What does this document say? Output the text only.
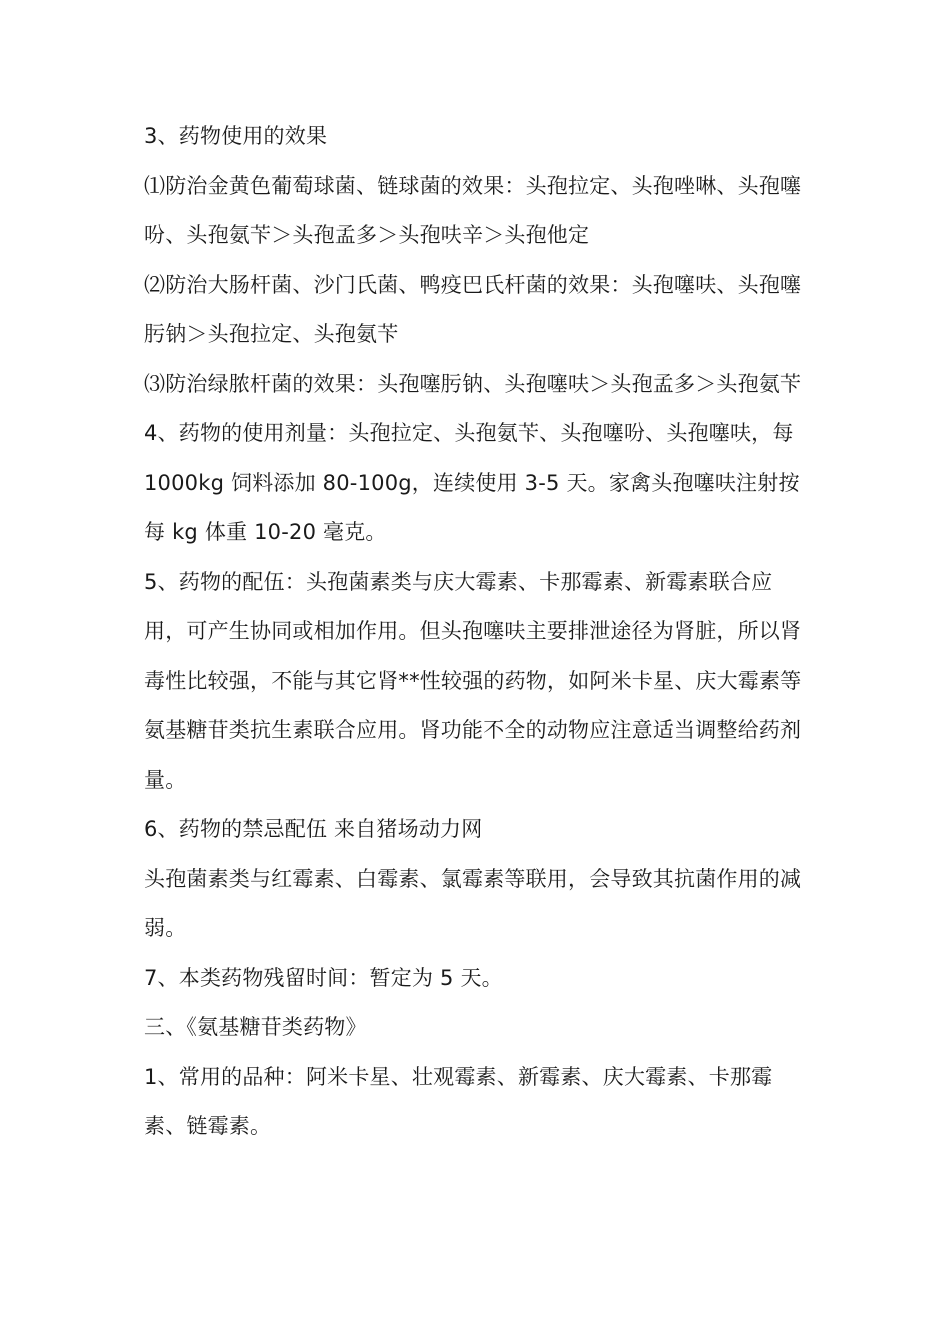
3、药物使用的效果

⑴防治金黄色葡萄球菌、链球菌的效果：头孢拉定、头孢唑啉、头孢噻吩、头孢氨苄＞头孢孟多＞头孢呋辛＞头孢他定

⑵防治大肠杆菌、沙门氏菌、鸭疫巴氏杆菌的效果：头孢噻呋、头孢噻肟钠＞头孢拉定、头孢氨苄

⑶防治绿脓杆菌的效果：头孢噻肟钠、头孢噻呋＞头孢孟多＞头孢氨苄

4、药物的使用剂量：头孢拉定、头孢氨苄、头孢噻吩、头孢噻呋，每 1000kg 饲料添加 80-100g，连续使用 3-5 天。家禽头孢噻呋注射按每 kg 体重 10-20 毫克。

5、药物的配伍：头孢菌素类与庆大霉素、卡那霉素、新霉素联合应用，可产生协同或相加作用。但头孢噻呋主要排泄途径为肾脏，所以肾毒性比较强，不能与其它肾**性较强的药物，如阿米卡星、庆大霉素等氨基糖苷类抗生素联合应用。肾功能不全的动物应注意适当调整给药剂量。

6、药物的禁忌配伍 来自猪场动力网

头孢菌素类与红霉素、白霉素、氯霉素等联用，会导致其抗菌作用的减弱。

7、本类药物残留时间：暂定为 5 天。

三、《氨基糖苷类药物》

1、常用的品种：阿米卡星、壮观霉素、新霉素、庆大霉素、卡那霉素、链霉素。
